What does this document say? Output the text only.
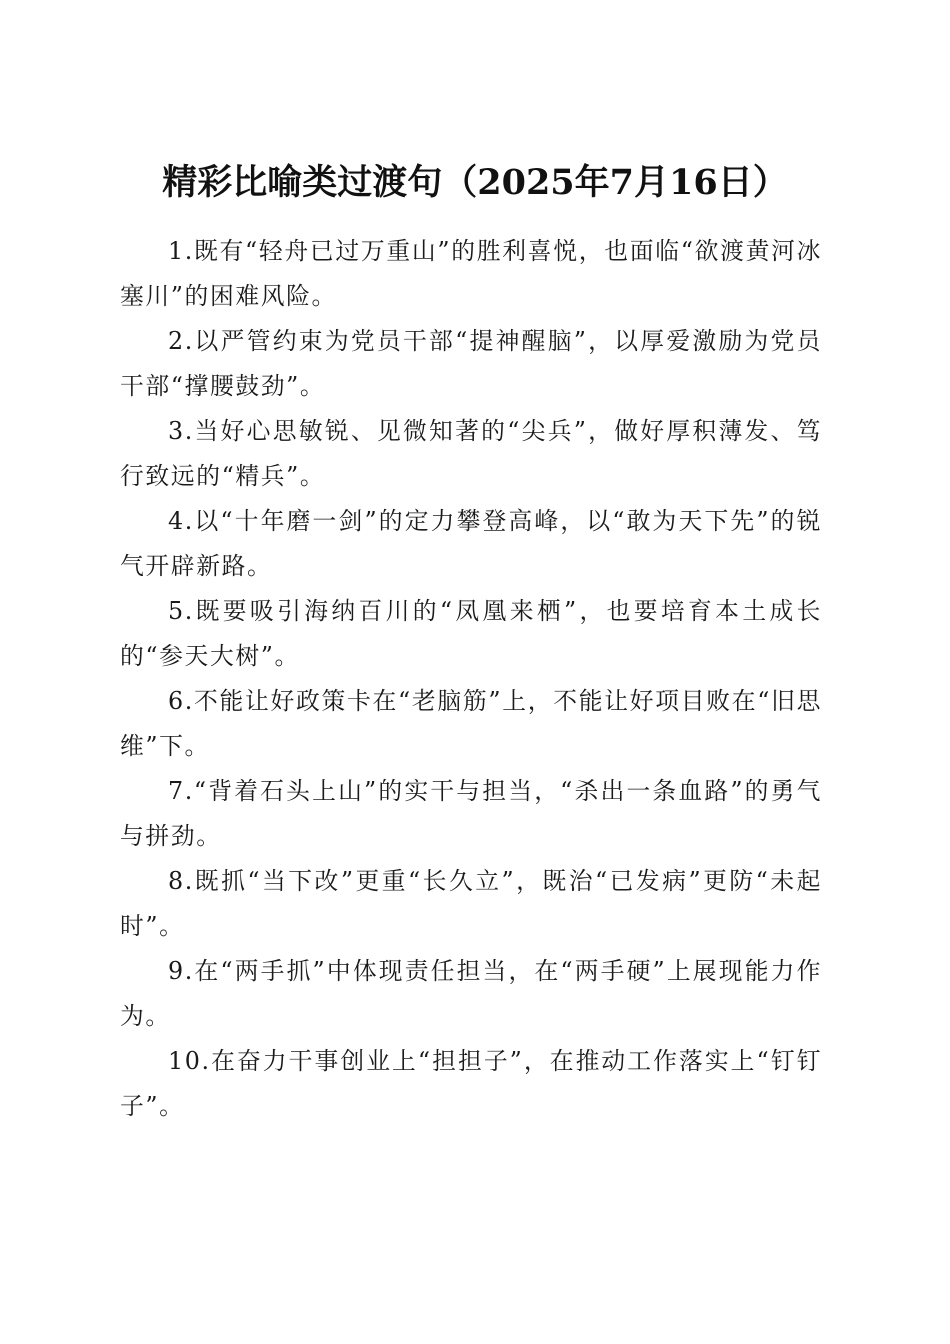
精彩比喻类过渡句（2025年7月16日）

1.既有“轻舟已过万重山”的胜利喜悦，也面临“欲渡黄河冰塞川”的困难风险。

2.以严管约束为党员干部“提神醒脑”，以厚爱激励为党员干部“撑腰鼓劲”。

3.当好心思敏锐、见微知著的“尖兵”，做好厚积薄发、笃行致远的“精兵”。

4.以“十年磨一剑”的定力攀登高峰，以“敢为天下先”的锐气开辟新路。

5.既要吸引海纳百川的“凤凰来栖”，也要培育本土成长的“参天大树”。

6.不能让好政策卡在“老脑筋”上，不能让好项目败在“旧思维”下。

7.“背着石头上山”的实干与担当，“杀出一条血路”的勇气与拼劲。

8.既抓“当下改”更重“长久立”，既治“已发病”更防“未起时”。

9.在“两手抓”中体现责任担当，在“两手硬”上展现能力作为。

10.在奋力干事创业上“担担子”，在推动工作落实上“钉钉子”。
